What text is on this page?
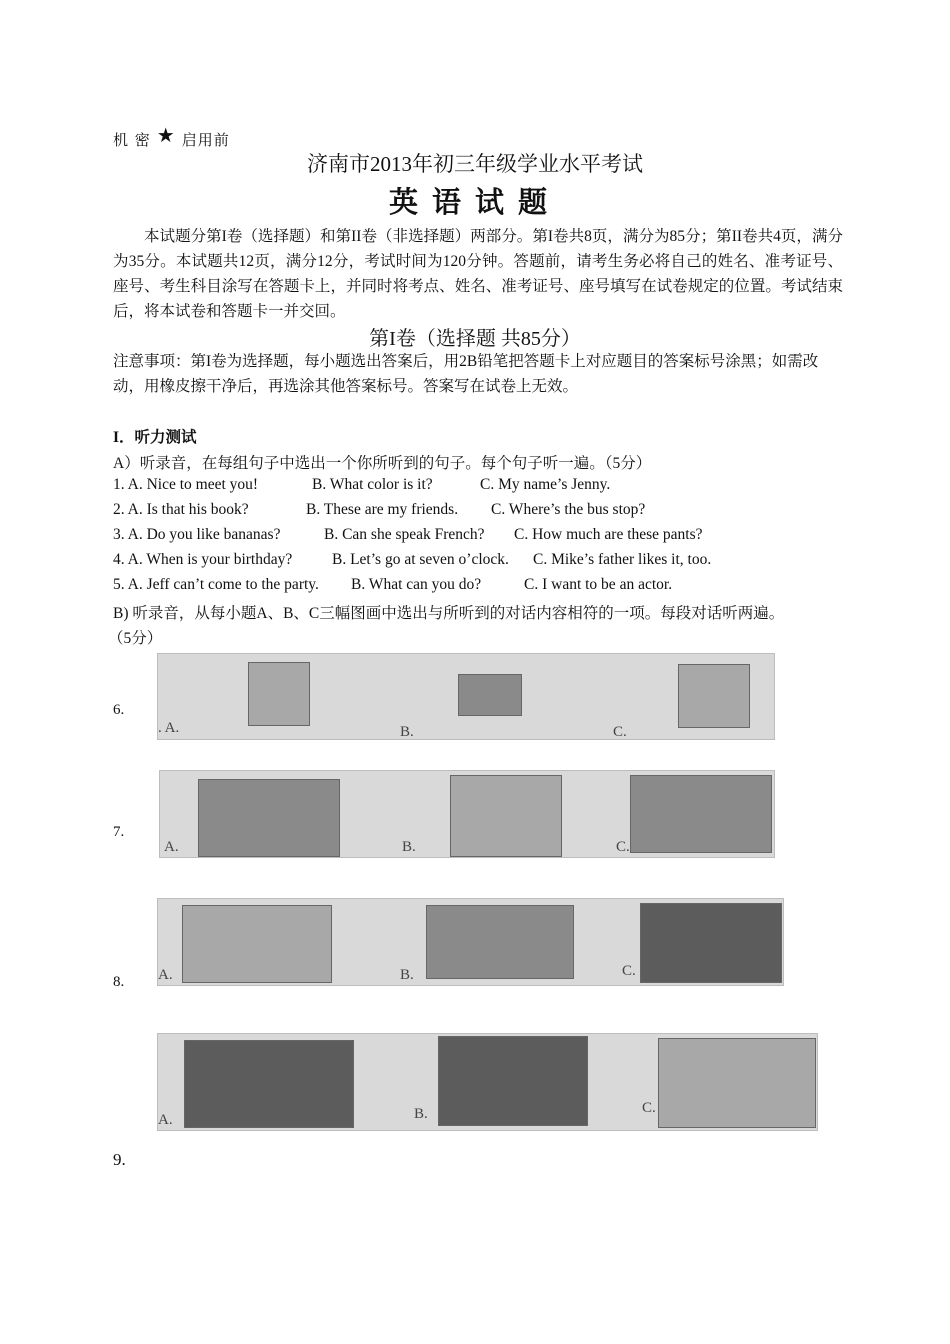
机 密 ★ 启用前
济南市2013年初三年级学业水平考试
英语试题

本试题分第I卷（选择题）和第II卷（非选择题）两部分。第I卷共8页，满分为85分；第II卷共4页，满分为35分。本试题共12页，满分12分，考试时间为120分钟。答题前，请考生务必将自己的姓名、准考证号、座号、考生科目涂写在答题卡上，并同时将考点、姓名、准考证号、座号填写在试卷规定的位置。考试结束后，将本试卷和答题卡一并交回。

第I卷（选择题 共85分）
注意事项：第I卷为选择题，每小题选出答案后，用2B铅笔把答题卡上对应题目的答案标号涂黑；如需改动，用橡皮擦干净后，再选涂其他答案标号。答案写在试卷上无效。
I．听力测试
A）听录音，在每组句子中选出一个你所听到的句子。每个句子听一遍。（5分）
1. A. Nice to meet you!	B. What color is it?	C. My name’s Jenny.
2. A. Is that his book?	B. These are my friends. C. Where’s the bus stop?
3. A. Do you like bananas?	B. Can she speak French? C. How much are these pants?
4. A. When is your birthday?	B. Let’s go at seven o’clock. C. Mike’s father likes it, too.
5. A. Jeff can’t come to the party. B. What can you do?	C. I want to be an actor.
B) 听录音，从每小题A、B、C三幅图画中选出与所听到的对话内容相符的一项。每段对话听两遍。
（5分）
6.
. A.	B.	C.
7.
A.	B.	C.
8. A.	B.	C.
9.
A.	B.	C.
